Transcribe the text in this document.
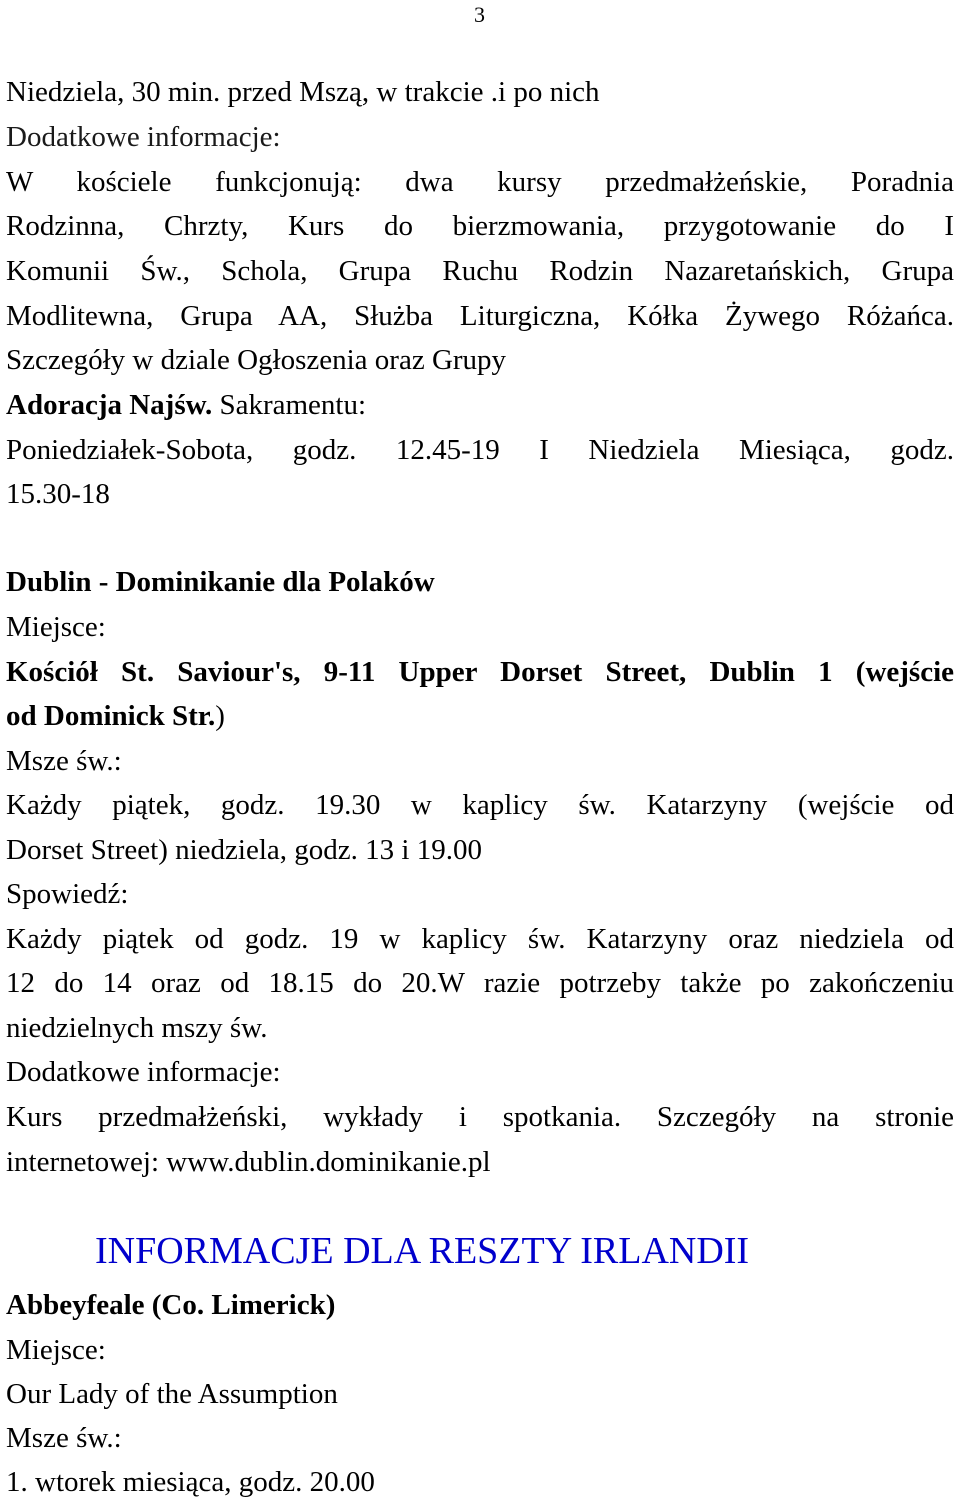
3
Niedziela, 30 min. przed Mszą, w trakcie .i po nich
Dodatkowe informacje:
W kościele funkcjonują: dwa kursy przedmałżeńskie, Poradnia
Rodzinna, Chrzty, Kurs do bierzmowania, przygotowanie do I
Komunii Św., Schola, Grupa Ruchu Rodzin Nazaretańskich, Grupa
Modlitewna, Grupa AA, Służba Liturgiczna, Kółka Żywego Różańca.
Szczegóły w dziale Ogłoszenia oraz Grupy
Adoracja Najśw. Sakramentu:
Poniedziałek-Sobota, godz. 12.45-19 I Niedziela Miesiąca, godz.
15.30-18
Dublin - Dominikanie dla Polaków
Miejsce:
Kościół St. Saviour's, 9-11 Upper Dorset Street, Dublin 1 (wejście
od Dominick Str.)
Msze św.:
Każdy piątek, godz. 19.30 w kaplicy św. Katarzyny (wejście od
Dorset Street) niedziela, godz. 13 i 19.00
Spowiedź:
Każdy piątek od godz. 19 w kaplicy św. Katarzyny oraz niedziela od
12 do 14 oraz od 18.15 do 20.W razie potrzeby także po zakończeniu
niedzielnych mszy św.
Dodatkowe informacje:
Kurs przedmałżeński, wykłady i spotkania. Szczegóły na stronie
internetowej: www.dublin.dominikanie.pl
INFORMACJE DLA RESZTY IRLANDII
Abbeyfeale (Co. Limerick)
Miejsce:
Our Lady of the Assumption
Msze św.:
1. wtorek miesiąca, godz. 20.00
